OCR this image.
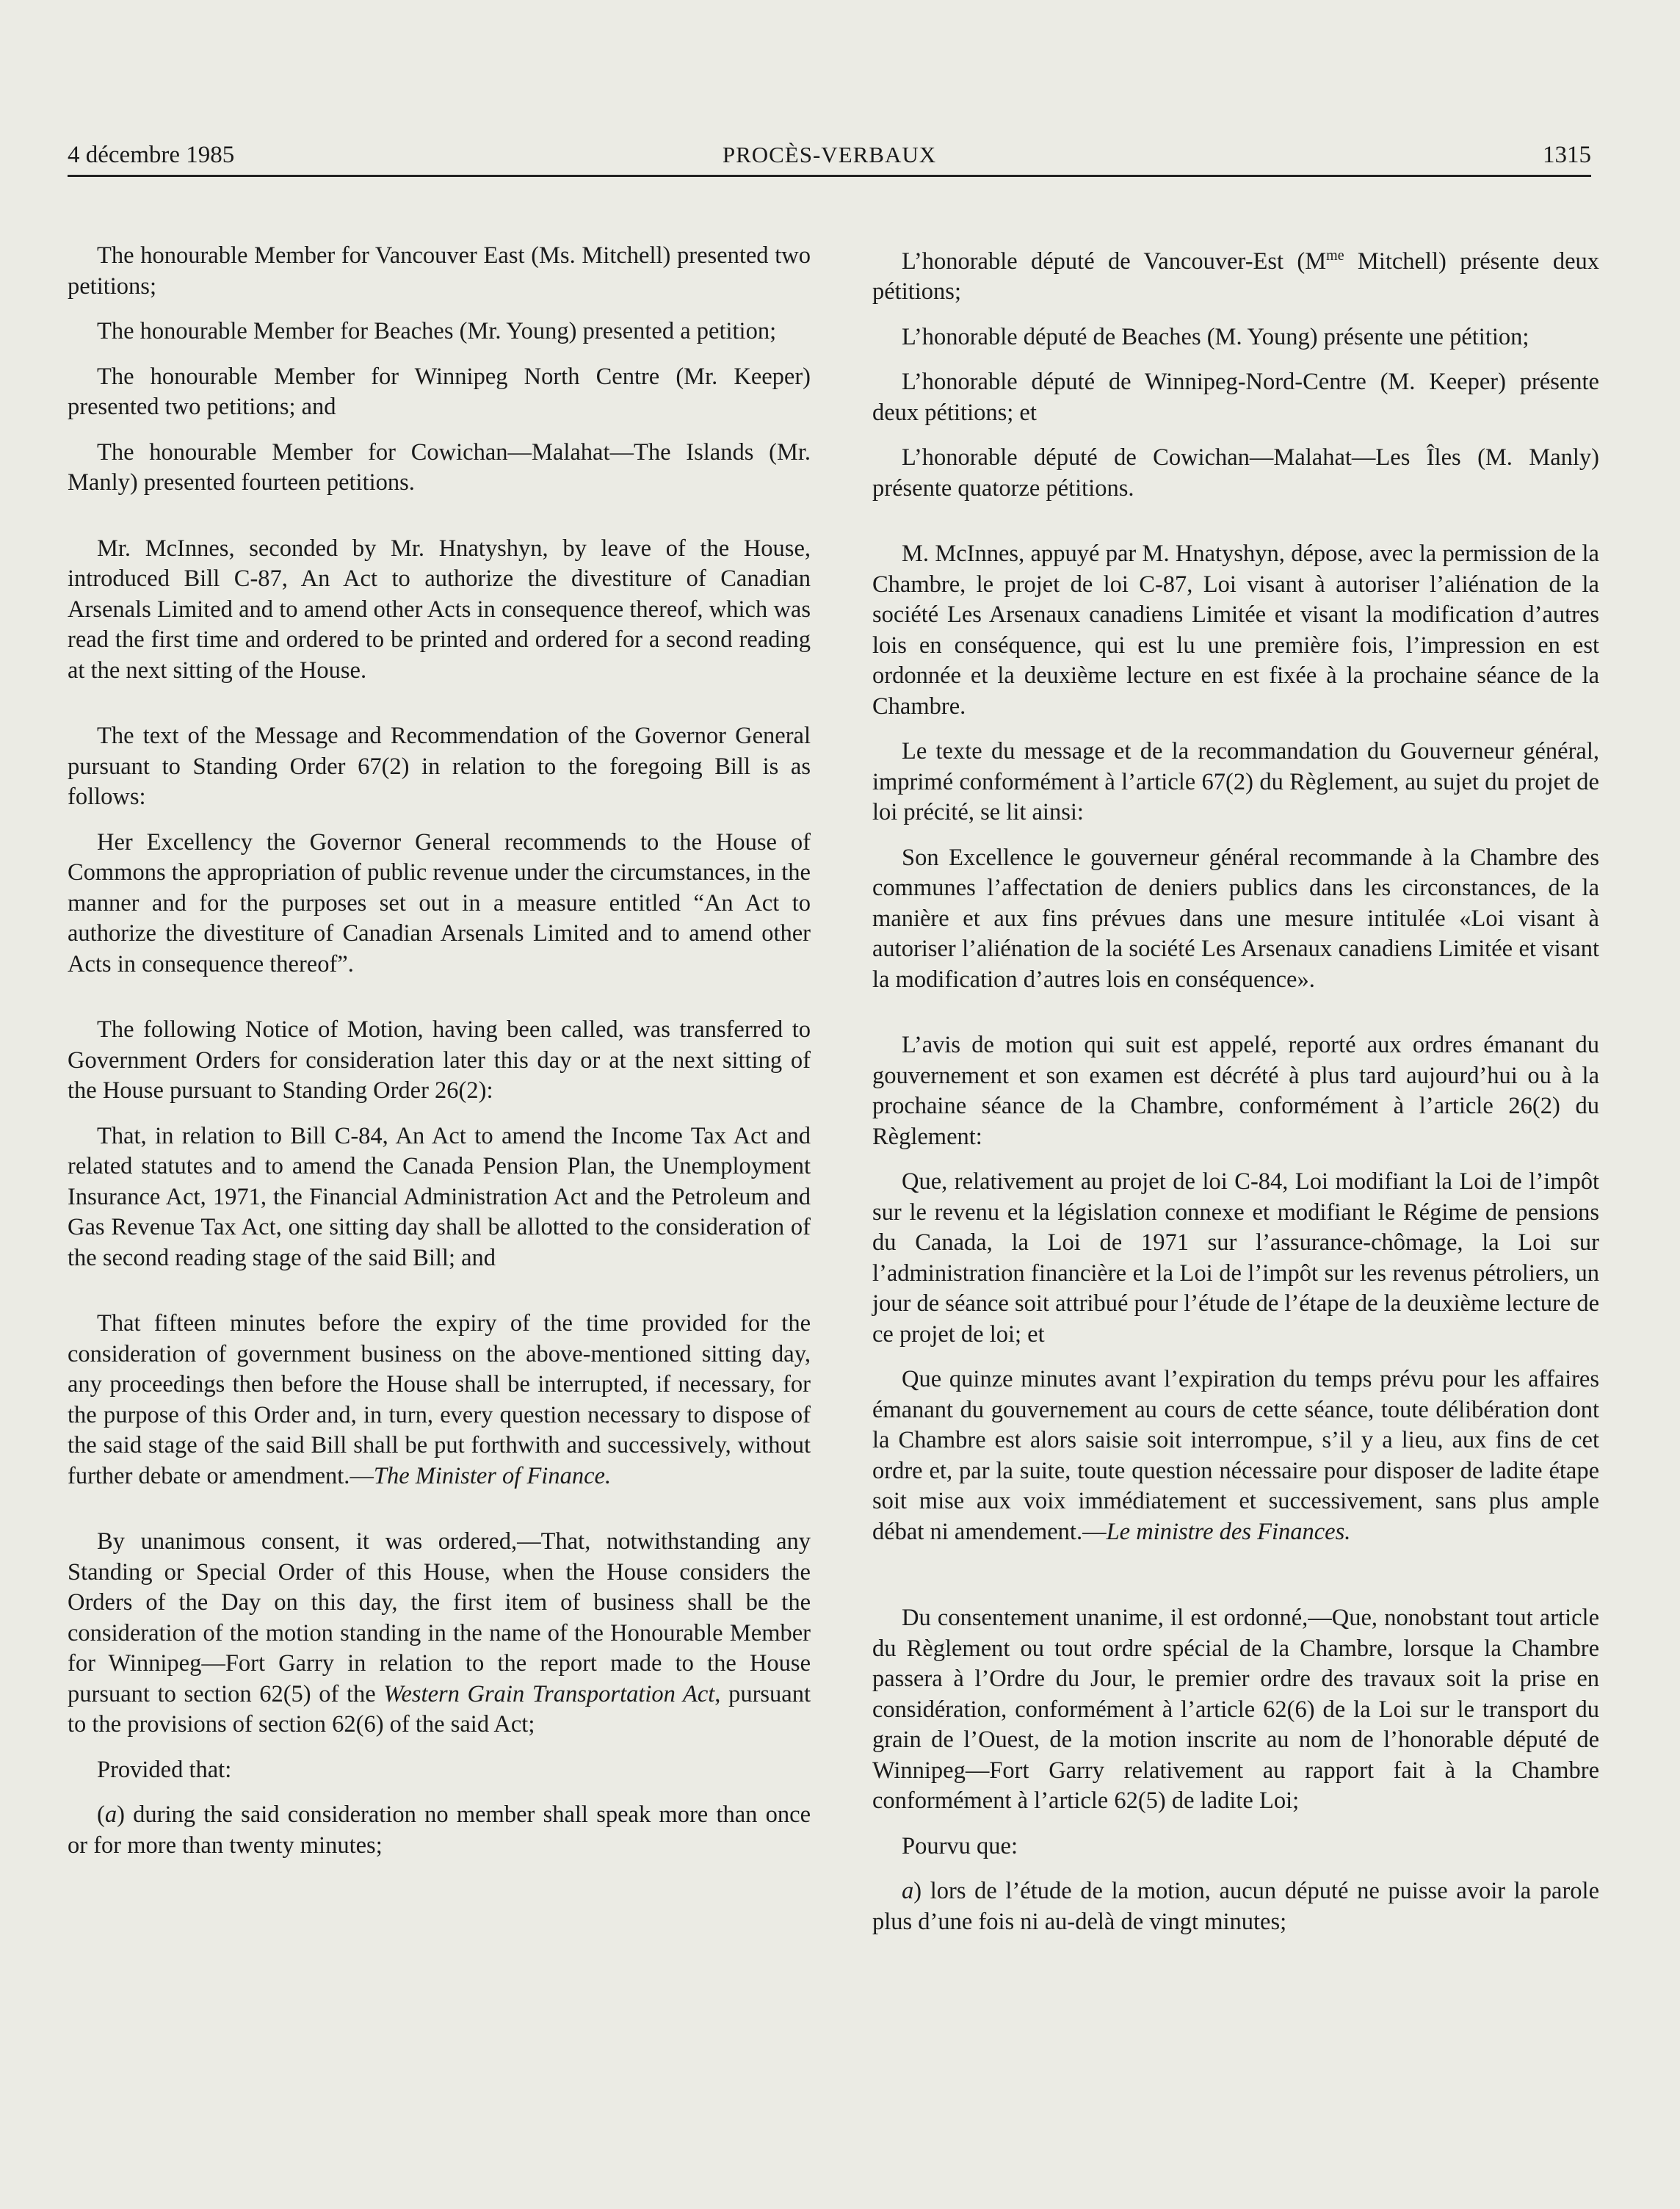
4 décembre 1985	PROCÈS-VERBAUX	1315

The honourable Member for Vancouver East (Ms. Mitchell) presented two petitions;

The honourable Member for Beaches (Mr. Young) presented a petition;

The honourable Member for Winnipeg North Centre (Mr. Keeper) presented two petitions; and

The honourable Member for Cowichan—Malahat—The Islands (Mr. Manly) presented fourteen petitions.

Mr. McInnes, seconded by Mr. Hnatyshyn, by leave of the House, introduced Bill C-87, An Act to authorize the divestiture of Canadian Arsenals Limited and to amend other Acts in consequence thereof, which was read the first time and ordered to be printed and ordered for a second reading at the next sitting of the House.

The text of the Message and Recommendation of the Governor General pursuant to Standing Order 67(2) in relation to the foregoing Bill is as follows:

Her Excellency the Governor General recommends to the House of Commons the appropriation of public revenue under the circumstances, in the manner and for the purposes set out in a measure entitled “An Act to authorize the divestiture of Canadian Arsenals Limited and to amend other Acts in consequence thereof”.

The following Notice of Motion, having been called, was transferred to Government Orders for consideration later this day or at the next sitting of the House pursuant to Standing Order 26(2):

That, in relation to Bill C-84, An Act to amend the Income Tax Act and related statutes and to amend the Canada Pension Plan, the Unemployment Insurance Act, 1971, the Financial Administration Act and the Petroleum and Gas Revenue Tax Act, one sitting day shall be allotted to the consideration of the second reading stage of the said Bill; and

That fifteen minutes before the expiry of the time provided for the consideration of government business on the above-mentioned sitting day, any proceedings then before the House shall be interrupted, if necessary, for the purpose of this Order and, in turn, every question necessary to dispose of the said stage of the said Bill shall be put forthwith and successively, without further debate or amendment.—The Minister of Finance.

By unanimous consent, it was ordered,—That, notwithstanding any Standing or Special Order of this House, when the House considers the Orders of the Day on this day, the first item of business shall be the consideration of the motion standing in the name of the Honourable Member for Winnipeg—Fort Garry in relation to the report made to the House pursuant to section 62(5) of the Western Grain Transportation Act, pursuant to the provisions of section 62(6) of the said Act;

Provided that:

(a) during the said consideration no member shall speak more than once or for more than twenty minutes;

L’honorable député de Vancouver-Est ($M^{me}$ Mitchell) présente deux pétitions;

L’honorable député de Beaches (M. Young) présente une pétition;

L’honorable député de Winnipeg-Nord-Centre (M. Keeper) présente deux pétitions; et

L’honorable député de Cowichan—Malahat—Les Îles (M. Manly) présente quatorze pétitions.

M. McInnes, appuyé par M. Hnatyshyn, dépose, avec la permission de la Chambre, le projet de loi C-87, Loi visant à autoriser l’aliénation de la société Les Arsenaux canadiens Limitée et visant la modification d’autres lois en conséquence, qui est lu une première fois, l’impression en est ordonnée et la deuxième lecture en est fixée à la prochaine séance de la Chambre.

Le texte du message et de la recommandation du Gouverneur général, imprimé conformément à l’article 67(2) du Règlement, au sujet du projet de loi précité, se lit ainsi:

Son Excellence le gouverneur général recommande à la Chambre des communes l’affectation de deniers publics dans les circonstances, de la manière et aux fins prévues dans une mesure intitulée «Loi visant à autoriser l’aliénation de la société Les Arsenaux canadiens Limitée et visant la modification d’autres lois en conséquence».

L’avis de motion qui suit est appelé, reporté aux ordres émanant du gouvernement et son examen est décrété à plus tard aujourd’hui ou à la prochaine séance de la Chambre, conformément à l’article 26(2) du Règlement:

Que, relativement au projet de loi C-84, Loi modifiant la Loi de l’impôt sur le revenu et la législation connexe et modifiant le Régime de pensions du Canada, la Loi de 1971 sur l’assurance-chômage, la Loi sur l’administration financière et la Loi de l’impôt sur les revenus pétroliers, un jour de séance soit attribué pour l’étude de l’étape de la deuxième lecture de ce projet de loi; et

Que quinze minutes avant l’expiration du temps prévu pour les affaires émanant du gouvernement au cours de cette séance, toute délibération dont la Chambre est alors saisie soit interrompue, s’il y a lieu, aux fins de cet ordre et, par la suite, toute question nécessaire pour disposer de ladite étape soit mise aux voix immédiatement et successivement, sans plus ample débat ni amendement.—Le ministre des Finances.

Du consentement unanime, il est ordonné,—Que, nonobstant tout article du Règlement ou tout ordre spécial de la Chambre, lorsque la Chambre passera à l’Ordre du Jour, le premier ordre des travaux soit la prise en considération, conformément à l’article 62(6) de la Loi sur le transport du grain de l’Ouest, de la motion inscrite au nom de l’honorable député de Winnipeg—Fort Garry relativement au rapport fait à la Chambre conformément à l’article 62(5) de ladite Loi;

Pourvu que:

a) lors de l’étude de la motion, aucun député ne puisse avoir la parole plus d’une fois ni au-delà de vingt minutes;
